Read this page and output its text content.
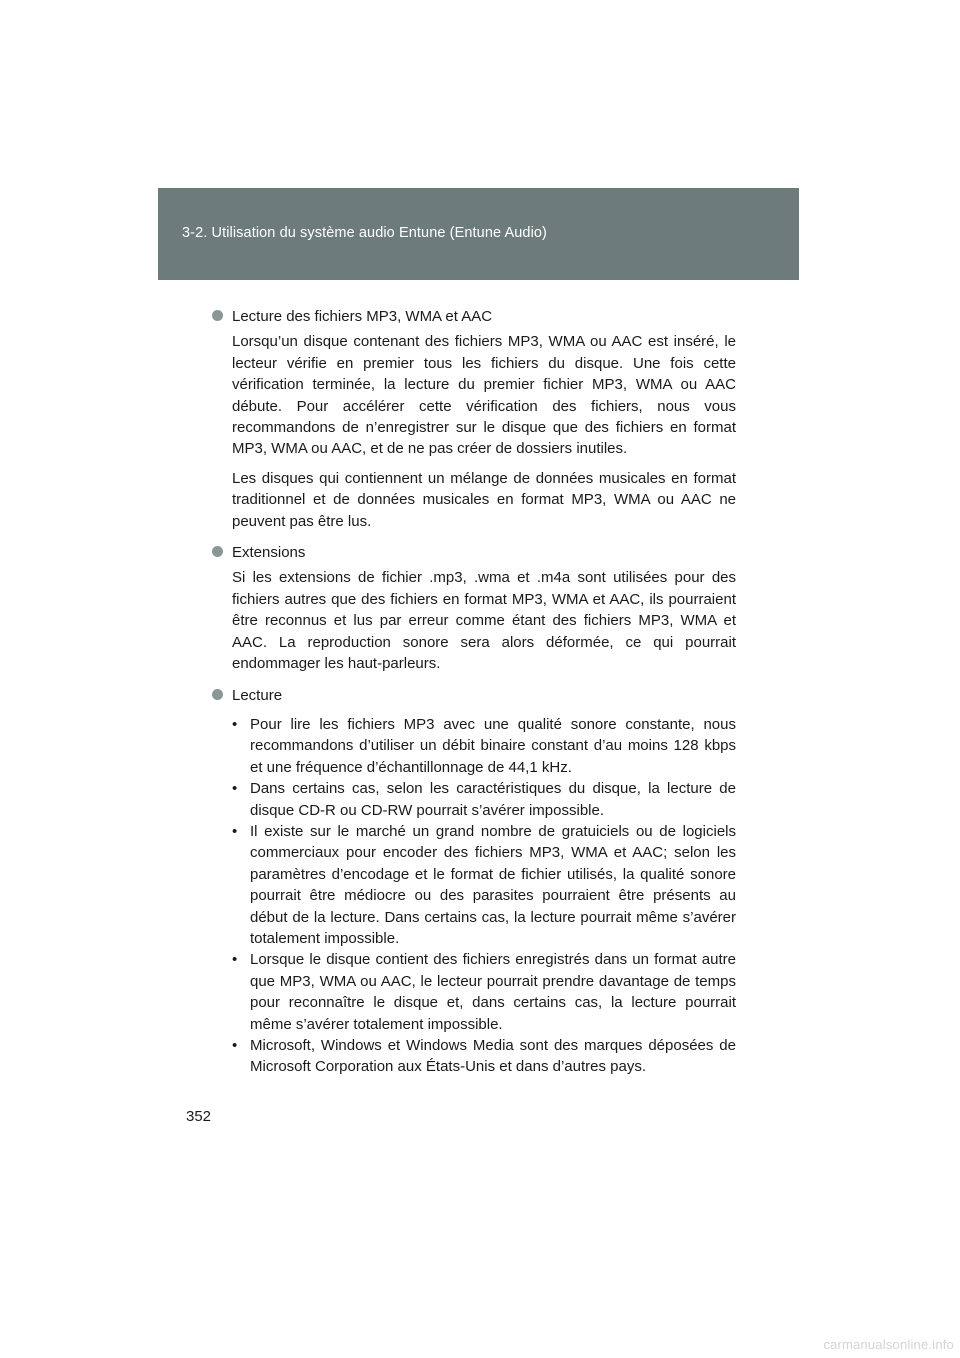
3-2. Utilisation du système audio Entune (Entune Audio)
Lecture des fichiers MP3, WMA et AAC

Lorsqu’un disque contenant des fichiers MP3, WMA ou AAC est inséré, le lecteur vérifie en premier tous les fichiers du disque. Une fois cette vérification terminée, la lecture du premier fichier MP3, WMA ou AAC débute. Pour accélérer cette vérification des fichiers, nous vous recommandons de n’enregistrer sur le disque que des fichiers en format MP3, WMA ou AAC, et de ne pas créer de dossiers inutiles.

Les disques qui contiennent un mélange de données musicales en format traditionnel et de données musicales en format MP3, WMA ou AAC ne peuvent pas être lus.

Extensions

Si les extensions de fichier .mp3, .wma et .m4a sont utilisées pour des fichiers autres que des fichiers en format MP3, WMA et AAC, ils pourraient être reconnus et lus par erreur comme étant des fichiers MP3, WMA et AAC. La reproduction sonore sera alors déformée, ce qui pourrait endommager les haut-parleurs.

Lecture
• Pour lire les fichiers MP3 avec une qualité sonore constante, nous recommandons d’utiliser un débit binaire constant d’au moins 128 kbps et une fréquence d’échantillonnage de 44,1 kHz.
• Dans certains cas, selon les caractéristiques du disque, la lecture de disque CD-R ou CD-RW pourrait s’avérer impossible.
• Il existe sur le marché un grand nombre de gratuiciels ou de logiciels commerciaux pour encoder des fichiers MP3, WMA et AAC; selon les paramètres d’encodage et le format de fichier utilisés, la qualité sonore pourrait être médiocre ou des parasites pourraient être présents au début de la lecture. Dans certains cas, la lecture pourrait même s’avérer totalement impossible.
• Lorsque le disque contient des fichiers enregistrés dans un format autre que MP3, WMA ou AAC, le lecteur pourrait prendre davantage de temps pour reconnaître le disque et, dans certains cas, la lecture pourrait même s’avérer totalement impossible.
• Microsoft, Windows et Windows Media sont des marques déposées de Microsoft Corporation aux États-Unis et dans d’autres pays.
352
carmanualsonline.info
